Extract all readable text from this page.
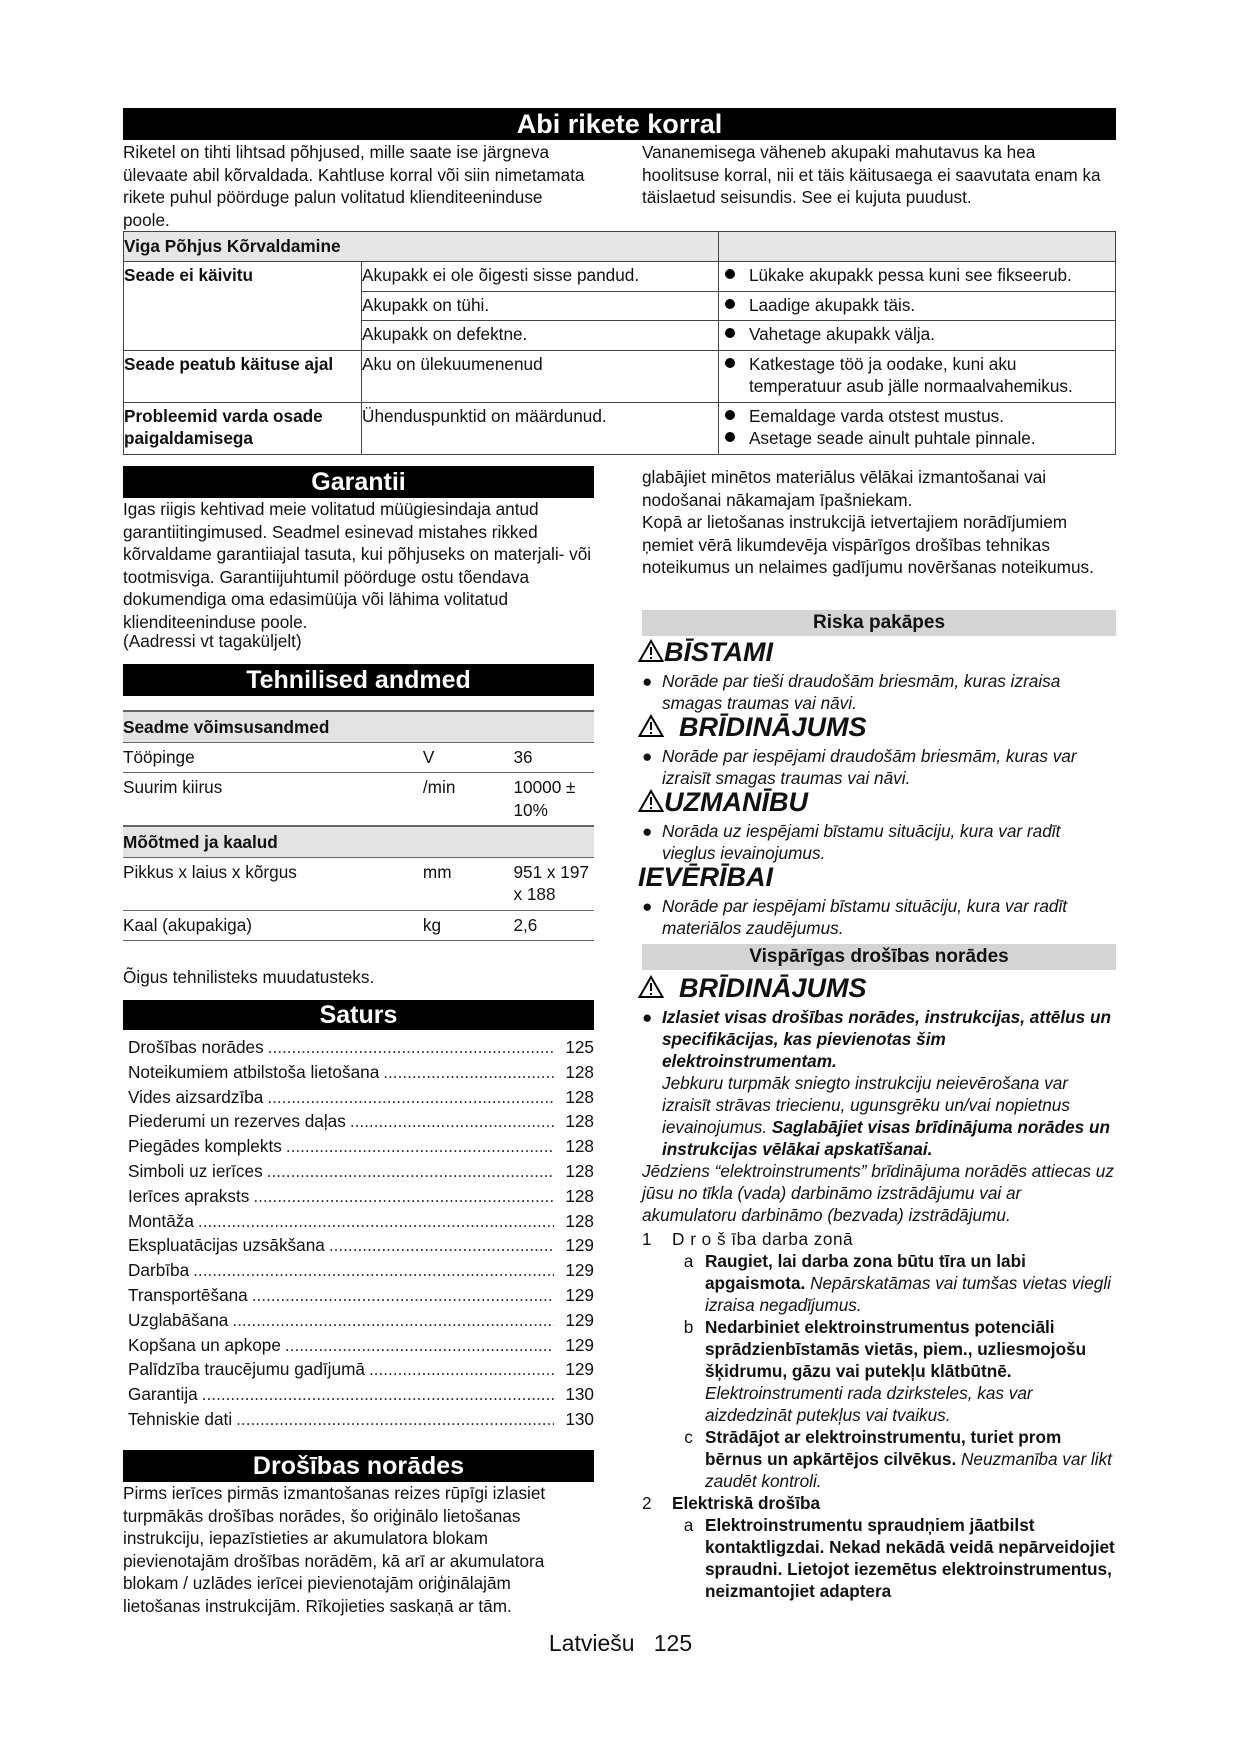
Abi rikete korral

Riketel on tihti lihtsad põhjused, mille saate ise järgneva ülevaate abil kõrvaldada. Kahtluse korral või siin nimetamata rikete puhul pöörduge palun volitatud klienditeeninduse poole.

Vananemisega väheneb akupaki mahutavus ka hea hoolitsuse korral, nii et täis käitusaega ei saavutata enam ka täislaetud seisundis. See ei kujuta puudust.

Viga Põhjus Kõrvaldamine		
Seade ei käivitu	Akupakk ei ole õigesti sisse pandud.	Lükake akupakk pessa kuni see fikseerub.

	Akupakk on tühi.	Laadige akupakk täis.

	Akupakk on defektne.	Vahetage akupakk välja.

Seade peatub käituse ajal	Aku on ülekuumenenud	Katkestage töö ja oodake, kuni aku temperatuur asub jälle normaalvahemikus.

Probleemid varda osade paigaldamisega	Ühenduspunktid on määrdunud.	Eemaldage varda otstest mustus.
Asetage seade ainult puhtale pinnale.
Garantii

Igas riigis kehtivad meie volitatud müügiesindaja antud garantiitingimused. Seadmel esinevad mistahes rikked kõrvaldame garantiiajal tasuta, kui põhjuseks on materjali- või tootmisviga. Garantiijuhtumil pöörduge ostu tõendava dokumendiga oma edasimüüja või lähima volitatud klienditeeninduse poole.

(Aadressi vt tagaküljelt)

Tehnilised andmed
Seadme võimsusandmed		
Tööpinge	V	36
Suurim kiirus	/min	10000 ± 10%
Mõõtmed ja kaalud		
Pikkus x laius x kõrgus	mm	951 x 197 x 188
Kaal (akupakiga)	kg	2,6

Õigus tehnilisteks muudatusteks.

Saturs
Drošības norādes .....	125
Noteikumiem atbilstoša lietošana .....	128
Vides aizsardzība .....	128
Piederumi un rezerves daļas .....	128
Piegādes komplekts .....	128
Simboli uz ierīces .....	128
Ierīces apraksts .....	128
Montāža .....	128
Ekspluatācijas uzsākšana .....	129
Darbība .....	129
Transportēšana .....	129
Uzglabāšana .....	129
Kopšana un apkope .....	129
Palīdzība traucējumu gadījumā .....	129
Garantija .....	130
Tehniskie dati .....	130
Drošības norādes

Pirms ierīces pirmās izmantošanas reizes rūpīgi izlasiet turpmākās drošības norādes, šo oriģinālo lietošanas instrukciju, iepazīstieties ar akumulatora blokam pievienotajām drošības norādēm, kā arī ar akumulatora blokam / uzlādes ierīcei pievienotajām oriģinālajām lietošanas instrukcijām. Rīkojieties saskaņā ar tām.

glabājiet minētos materiālus vēlākai izmantošanai vai nodošanai nākamajam īpašniekam.

Kopā ar lietošanas instrukcijā ietvertajiem norādījumiem ņemiet vērā likumdevēja vispārīgos drošības tehnikas noteikumus un nelaimes gadījumu novēršanas noteikumus.

Riska pakāpes
BĪSTAMI
● Norāde par tieši draudošām briesmām, kuras izraisa smagas traumas vai nāvi.
BRĪDINĀJUMS
● Norāde par iespējami draudošām briesmām, kuras var izraisīt smagas traumas vai nāvi.
UZMANĪBU
● Norāda uz iespējami bīstamu situāciju, kura var radīt vieglus ievainojumus.
IEVĒRĪBAI
● Norāde par iespējami bīstamu situāciju, kura var radīt materiālos zaudējumus.
Vispārīgas drošības norādes
BRĪDINĀJUMS
● Izlasiet visas drošības norādes, instrukcijas, attēlus un specifikācijas, kas pievienotas šim elektroinstrumentam.
Jebkuru turpmāk sniegto instrukciju neievērošana var izraisīt strāvas triecienu, ugunsgrēku un/vai nopietnus ievainojumus. Saglabājiet visas brīdinājuma norādes un instrukcijas vēlākai apskatīšanai.

Jēdziens “elektroinstruments” brīdinājuma norādēs attiecas uz jūsu no tīkla (vada) darbināmo izstrādājumu vai ar akumulatoru darbināmo (bezvada) izstrādājumu.

1	D r o š ība darba zonā
a Raugiet, lai darba zona būtu tīra un labi apgaismota. Nepārskatāmas vai tumšas vietas viegli izraisa negadījumus.
b Nedarbiniet elektroinstrumentus potenciāli sprādzienbīstamās vietās, piem., uzliesmojošu šķidrumu, gāzu vai putekļu klātbūtnē. Elektroinstrumenti rada dzirksteles, kas var aizdedzināt putekļus vai tvaikus.
c Strādājot ar elektroinstrumentu, turiet prom bērnus un apkārtējos cilvēkus. Neuzmanība var likt zaudēt kontroli.
2	Elektriskā drošība
a Elektroinstrumentu spraudņiem jāatbilst kontaktligzdai. Nekad nekādā veidā nepārveidojiet spraudni. Lietojot iezemētus elektroinstrumentus, neizmantojiet adaptera
Latviešu 125
